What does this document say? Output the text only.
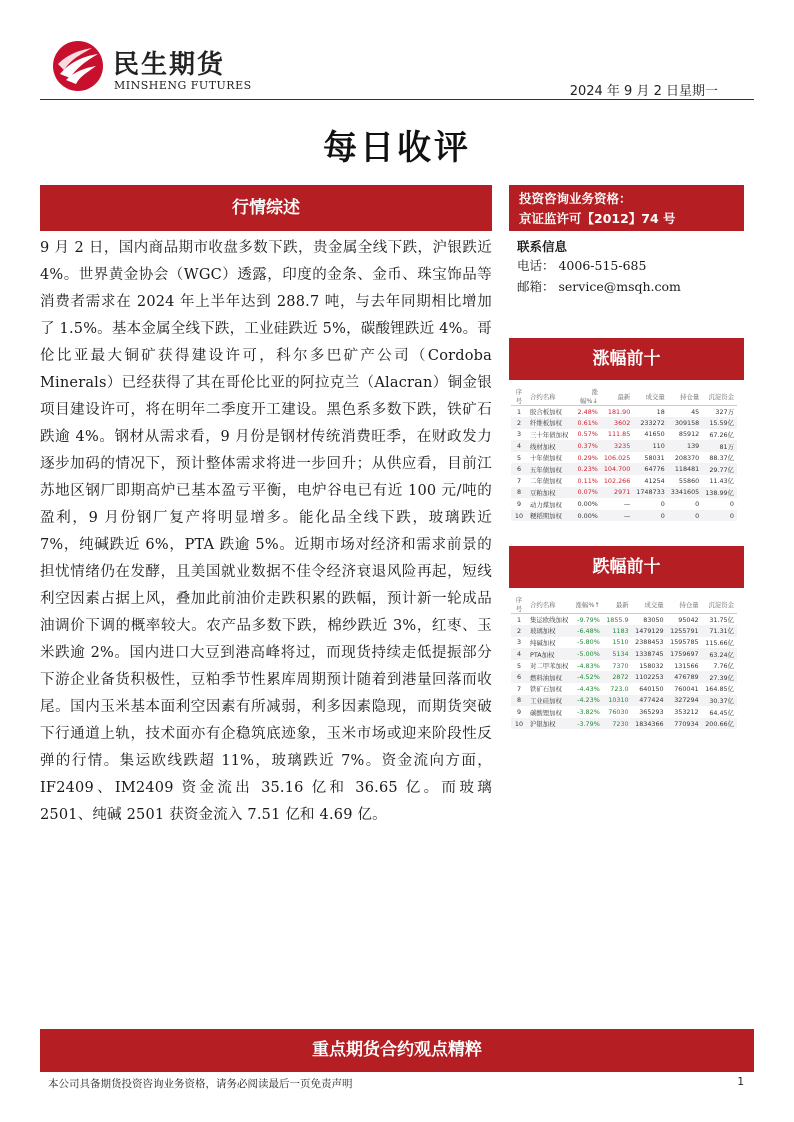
民生期货
MINSHENG FUTURES	2024 年 9 月 2 日星期一
每日收评
行情综述

9 月 2 日，国内商品期市收盘多数下跌，贵金属全线下跌，沪银跌近 4%。世界黄金协会（WGC）透露，印度的金条、金币、珠宝饰品等消费者需求在 2024 年上半年达到 288.7 吨，与去年同期相比增加了 1.5%。基本金属全线下跌，工业硅跌近 5%，碳酸锂跌近 4%。哥伦比亚最大铜矿获得建设许可，科尔多巴矿产公司（Cordoba Minerals）已经获得了其在哥伦比亚的阿拉克兰（Alacran）铜金银项目建设许可，将在明年二季度开工建设。黑色系多数下跌，铁矿石跌逾 4%。钢材从需求看，9 月份是钢材传统消费旺季，在财政发力逐步加码的情况下，预计整体需求将进一步回升；从供应看，目前江苏地区钢厂即期高炉已基本盈亏平衡，电炉谷电已有近 100 元/吨的盈利，9 月份钢厂复产将明显增多。能化品全线下跌，玻璃跌近 7%，纯碱跌近 6%，PTA 跌逾 5%。近期市场对经济和需求前景的担忧情绪仍在发酵，且美国就业数据不佳令经济衰退风险再起，短线利空因素占据上风，叠加此前油价走跌积累的跌幅，预计新一轮成品油调价下调的概率较大。农产品多数下跌，棉纱跌近 3%，红枣、玉米跌逾 2%。国内进口大豆到港高峰将过，而现货持续走低提振部分下游企业备货积极性，豆粕季节性累库周期预计随着到港量回落而收尾。国内玉米基本面利空因素有所减弱，利多因素隐现，而期货突破下行通道上轨，技术面亦有企稳筑底迹象，玉米市场或迎来阶段性反弹的行情。集运欧线跌超 11%，玻璃跌近 7%。资金流向方面，IF2409、IM2409 资金流出 35.16 亿和 36.65 亿。而玻璃 2501、纯碱 2501 获资金流入 7.51 亿和 4.69 亿。

投资咨询业务资格：
京证监许可【2012】74 号
联系信息
电话： 4006-515-685
邮箱： service@msqh.com
涨幅前十
序号	合约名称	涨幅%↓	最新	成交量	持仓量	沉淀资金
1	胶合板加权	2.48%	181.90	18	45	327万
2	纤维板加权	0.61%	3602	233272	309158	15.59亿
3	三十年债加权	0.57%	111.85	41650	85912	67.26亿
4	线材加权	0.37%	3235	110	139	81万
5	十年债加权	0.29%	106.025	58031	208370	88.37亿
6	五年债加权	0.23%	104.700	64776	118481	29.77亿
7	二年债加权	0.11%	102.266	41254	55860	11.43亿
8	豆粕加权	0.07%	2971	1748733	3341605	138.99亿
9	动力煤加权	0.00%	—	0	0	0
10	粳稻期加权	0.00%	—	0	0	0
跌幅前十
序号	合约名称	涨幅%↑	最新	成交量	持仓量	沉淀资金
1	集运欧线加权	-9.79%	1855.9	83050	95042	31.75亿
2	玻璃加权	-6.48%	1183	1479129	1255791	71.31亿
3	纯碱加权	-5.80%	1510	2388453	1595785	115.66亿
4	PTA加权	-5.00%	5134	1338745	1759697	63.24亿
5	对二甲苯加权	-4.83%	7370	158032	131566	7.76亿
6	燃料油加权	-4.52%	2872	1102253	476789	27.39亿
7	铁矿石加权	-4.43%	723.0	640150	760041	164.85亿
8	工业硅加权	-4.23%	10310	477424	327294	30.37亿
9	碳酸锂加权	-3.82%	76030	365293	353212	64.45亿
10	沪银加权	-3.79%	7230	1834366	770934	200.66亿
重点期货合约观点精粹
本公司具备期货投资咨询业务资格，请务必阅读最后一页免责声明	1
